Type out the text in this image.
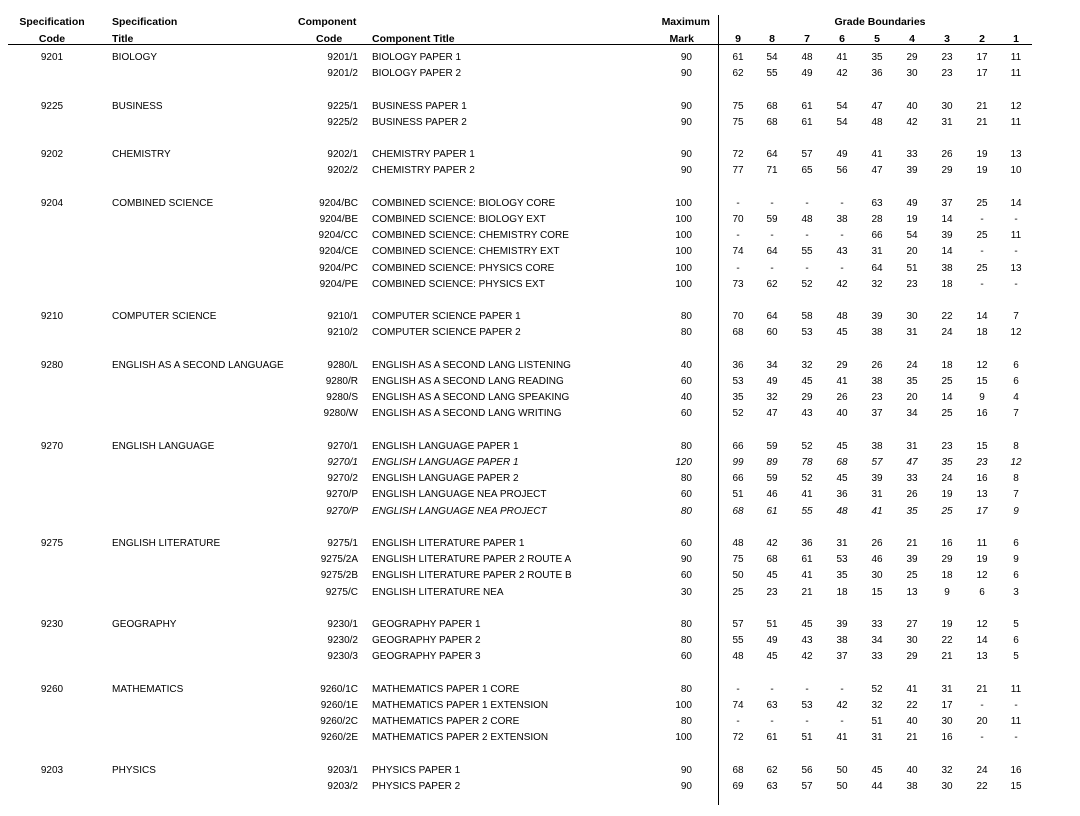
Specification
Code
Specification
Title
Component
Code	Component Title
Maximum
Mark
Grade Boundaries
9	8	7	6	5	4	3	2	1
9201	BIOLOGY	9201/1 BIOLOGY PAPER 1	90	61	54	48	41	35	29	23	17	11
9201/2 BIOLOGY PAPER 2	90	62	55	49	42	36	30	23	17	11
9225	BUSINESS	9225/1 BUSINESS PAPER 1	90	75	68	61	54	47	40	30	21	12
9225/2 BUSINESS PAPER 2	90	75	68	61	54	48	42	31	21	11
9202	CHEMISTRY	9202/1 CHEMISTRY PAPER 1	90	72	64	57	49	41	33	26	19	13
9202/2 CHEMISTRY PAPER 2	90	77	71	65	56	47	39	29	19	10
9204	COMBINED SCIENCE	9204/BC COMBINED SCIENCE: BIOLOGY CORE	100	-	-	-	-	63	49	37	25	14
9204/BE COMBINED SCIENCE: BIOLOGY EXT	100	70	59	48	38	28	19	14	-	-
9204/CC COMBINED SCIENCE: CHEMISTRY CORE	100	-	-	-	-	66	54	39	25	11
9204/CE COMBINED SCIENCE: CHEMISTRY EXT	100	74	64	55	43	31	20	14	-	-
9204/PC COMBINED SCIENCE: PHYSICS CORE	100	-	-	-	-	64	51	38	25	13
9204/PE COMBINED SCIENCE: PHYSICS EXT	100	73	62	52	42	32	23	18	-	-
9210	COMPUTER SCIENCE	9210/1 COMPUTER SCIENCE PAPER 1	80	70	64	58	48	39	30	22	14	7
9210/2 COMPUTER SCIENCE PAPER 2	80	68	60	53	45	38	31	24	18	12
9280	ENGLISH AS A SECOND LANGUAGE	9280/L ENGLISH AS A SECOND LANG LISTENING	40	36	34	32	29	26	24	18	12	6
9280/R ENGLISH AS A SECOND LANG READING	60	53	49	45	41	38	35	25	15	6
9280/S ENGLISH AS A SECOND LANG SPEAKING	40	35	32	29	26	23	20	14	9	4
9280/W ENGLISH AS A SECOND LANG WRITING	60	52	47	43	40	37	34	25	16	7
9270	ENGLISH LANGUAGE	9270/1 ENGLISH LANGUAGE PAPER 1	80	66	59	52	45	38	31	23	15	8
9270/1 ENGLISH LANGUAGE PAPER 1	120	99	89	78	68	57	47	35	23	12
9270/2 ENGLISH LANGUAGE PAPER 2	80	66	59	52	45	39	33	24	16	8
9270/P ENGLISH LANGUAGE NEA PROJECT	60	51	46	41	36	31	26	19	13	7
9270/P ENGLISH LANGUAGE NEA PROJECT	80	68	61	55	48	41	35	25	17	9
9275	ENGLISH LITERATURE	9275/1 ENGLISH LITERATURE PAPER 1	60	48	42	36	31	26	21	16	11	6
9275/2A ENGLISH LITERATURE PAPER 2 ROUTE A	90	75	68	61	53	46	39	29	19	9
9275/2B ENGLISH LITERATURE PAPER 2 ROUTE B	60	50	45	41	35	30	25	18	12	6
9275/C ENGLISH LITERATURE NEA	30	25	23	21	18	15	13	9	6	3
9230	GEOGRAPHY	9230/1 GEOGRAPHY PAPER 1	80	57	51	45	39	33	27	19	12	5
9230/2 GEOGRAPHY PAPER 2	80	55	49	43	38	34	30	22	14	6
9230/3 GEOGRAPHY PAPER 3	60	48	45	42	37	33	29	21	13	5
9260	MATHEMATICS	9260/1C MATHEMATICS PAPER 1 CORE	80	-	-	-	-	52	41	31	21	11
9260/1E MATHEMATICS PAPER 1 EXTENSION	100	74	63	53	42	32	22	17	-	-
9260/2C MATHEMATICS PAPER 2 CORE	80	-	-	-	-	51	40	30	20	11
9260/2E MATHEMATICS PAPER 2 EXTENSION	100	72	61	51	41	31	21	16	-	-
9203	PHYSICS	9203/1 PHYSICS PAPER 1	90	68	62	56	50	45	40	32	24	16
9203/2 PHYSICS PAPER 2	90	69	63	57	50	44	38	30	22	15
